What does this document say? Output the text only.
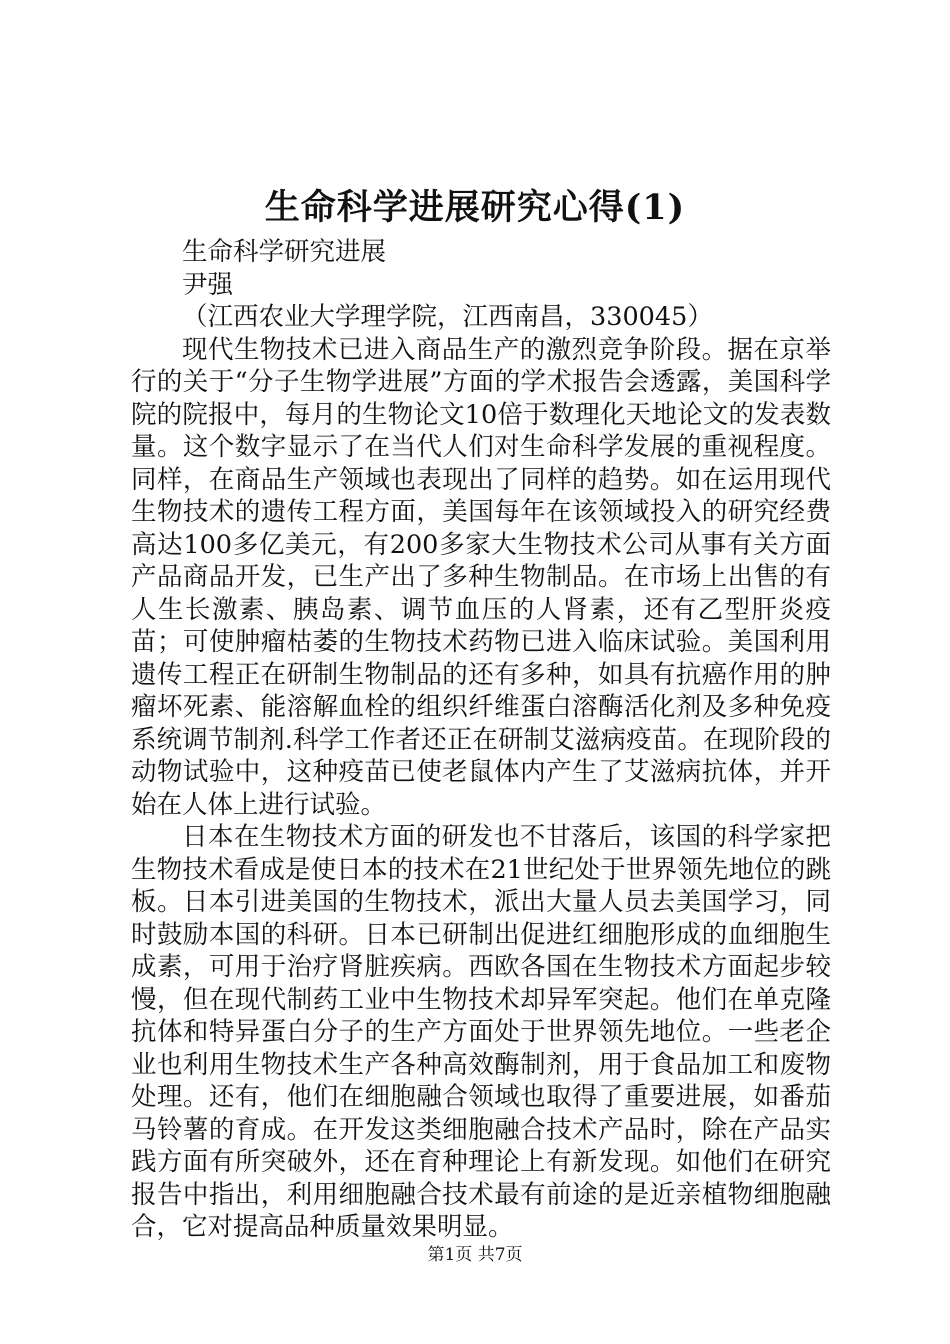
生命科学进展研究心得(1)

生命科学研究进展

尹强

（江西农业大学理学院，江西南昌，330045）

现代生物技术已进入商品生产的激烈竞争阶段。据在京举行的关于“分子生物学进展”方面的学术报告会透露，美国科学院的院报中，每月的生物论文10倍于数理化天地论文的发表数量。这个数字显示了在当代人们对生命科学发展的重视程度。同样，在商品生产领域也表现出了同样的趋势。如在运用现代生物技术的遗传工程方面，美国每年在该领域投入的研究经费高达100多亿美元，有200多家大生物技术公司从事有关方面产品商品开发，已生产出了多种生物制品。在市场上出售的有人生长激素、胰岛素、调节血压的人肾素，还有乙型肝炎疫苗；可使肿瘤枯萎的生物技术药物已进入临床试验。美国利用遗传工程正在研制生物制品的还有多种，如具有抗癌作用的肿瘤坏死素、能溶解血栓的组织纤维蛋白溶酶活化剂及多种免疫系统调节制剂.科学工作者还正在研制艾滋病疫苗。在现阶段的动物试验中，这种疫苗已使老鼠体内产生了艾滋病抗体，并开始在人体上进行试验。

日本在生物技术方面的研发也不甘落后，该国的科学家把生物技术看成是使日本的技术在21世纪处于世界领先地位的跳板。日本引进美国的生物技术，派出大量人员去美国学习，同时鼓励本国的科研。日本已研制出促进红细胞形成的血细胞生成素，可用于治疗肾脏疾病。西欧各国在生物技术方面起步较慢，但在现代制药工业中生物技术却异军突起。他们在单克隆抗体和特异蛋白分子的生产方面处于世界领先地位。一些老企业也利用生物技术生产各种高效酶制剂，用于食品加工和废物处理。还有，他们在细胞融合领域也取得了重要进展，如番茄马铃薯的育成。在开发这类细胞融合技术产品时，除在产品实践方面有所突破外，还在育种理论上有新发现。如他们在研究报告中指出，利用细胞融合技术最有前途的是近亲植物细胞融合，它对提高品种质量效果明显。

第1页 共7页
